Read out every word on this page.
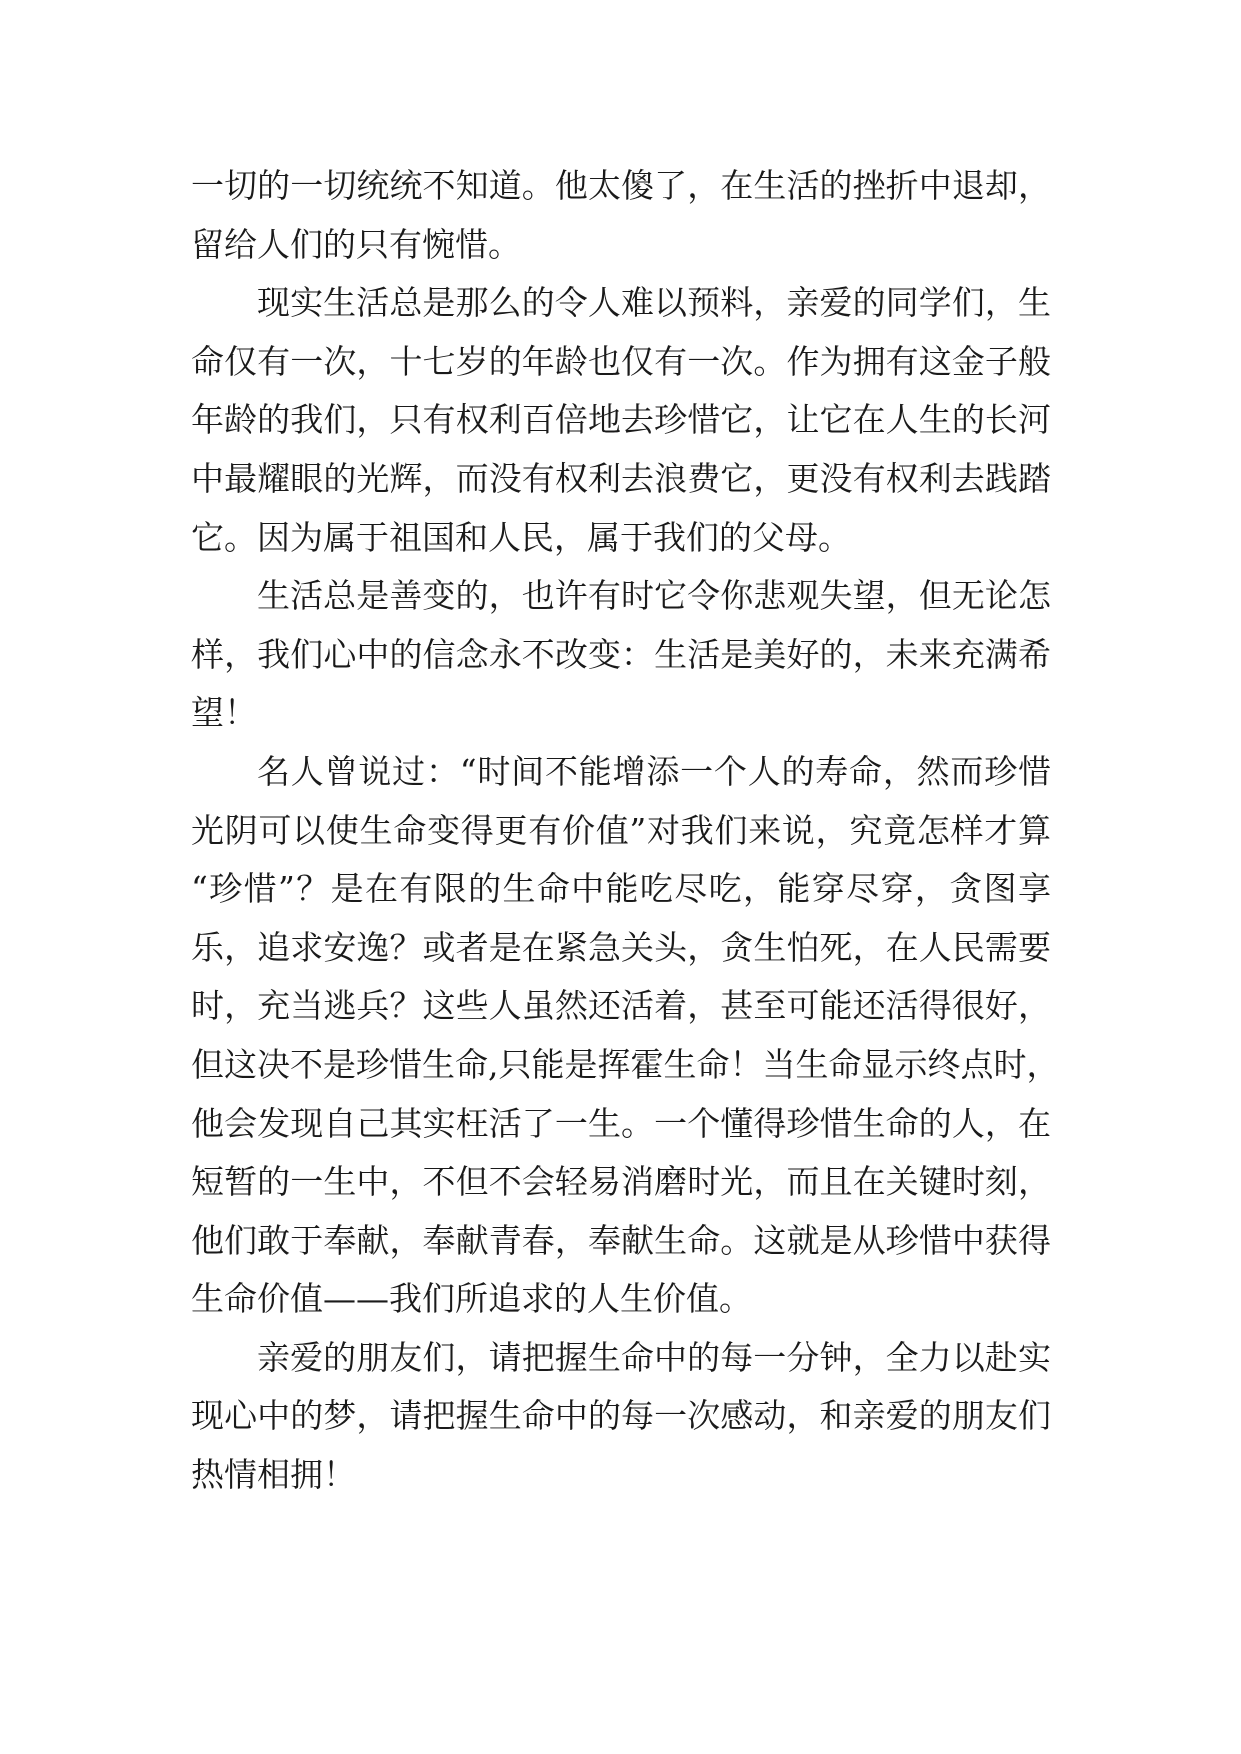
一切的一切统统不知道。他太傻了，在生活的挫折中退却，
留给人们的只有惋惜。
现实生活总是那么的令人难以预料，亲爱的同学们，生
命仅有一次，十七岁的年龄也仅有一次。作为拥有这金子般
年龄的我们，只有权利百倍地去珍惜它，让它在人生的长河
中最耀眼的光辉，而没有权利去浪费它，更没有权利去践踏
它。因为属于祖国和人民，属于我们的父母。
生活总是善变的，也许有时它令你悲观失望，但无论怎
样，我们心中的信念永不改变：生活是美好的，未来充满希
望！
名人曾说过：“时间不能增添一个人的寿命，然而珍惜
光阴可以使生命变得更有价值”对我们来说，究竟怎样才算
“珍惜”？是在有限的生命中能吃尽吃，能穿尽穿，贪图享
乐，追求安逸？或者是在紧急关头，贪生怕死，在人民需要
时，充当逃兵？这些人虽然还活着，甚至可能还活得很好，
但这决不是珍惜生命,只能是挥霍生命！当生命显示终点时，
他会发现自己其实枉活了一生。一个懂得珍惜生命的人，在
短暂的一生中，不但不会轻易消磨时光，而且在关键时刻，
他们敢于奉献，奉献青春，奉献生命。这就是从珍惜中获得
生命价值——我们所追求的人生价值。
亲爱的朋友们，请把握生命中的每一分钟，全力以赴实
现心中的梦，请把握生命中的每一次感动，和亲爱的朋友们
热情相拥！
